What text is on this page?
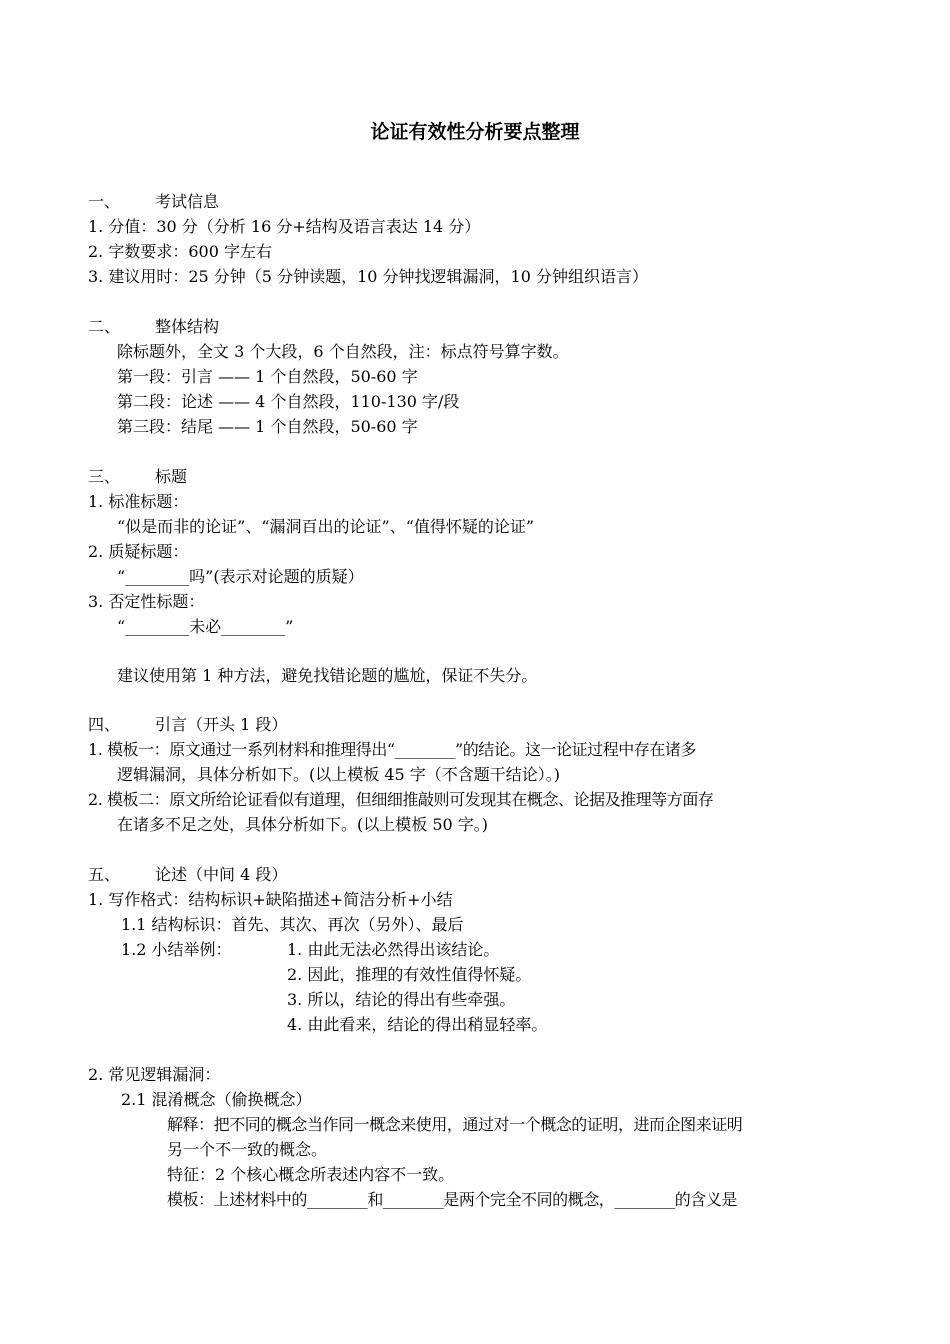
论证有效性分析要点整理
一、 考试信息
1. 分值：30 分（分析 16 分+结构及语言表达 14 分）
2. 字数要求：600 字左右
3. 建议用时：25 分钟（5 分钟读题，10 分钟找逻辑漏洞，10 分钟组织语言）
二、 整体结构
除标题外，全文 3 个大段，6 个自然段，注：标点符号算字数。
第一段：引言 —— 1 个自然段，50-60 字
第二段：论述 —— 4 个自然段，110-130 字/段
第三段：结尾 —— 1 个自然段，50-60 字
三、 标题
1. 标准标题：
“似是而非的论证”、“漏洞百出的论证”、“值得怀疑的论证”
2. 质疑标题：
“________吗”(表示对论题的质疑）
3. 否定性标题：
“________未必________”
建议使用第 1 种方法，避免找错论题的尴尬，保证不失分。
四、 引言（开头 1 段）
1. 模板一：原文通过一系列材料和推理得出“________”的结论。这一论证过程中存在诸多
逻辑漏洞，具体分析如下。(以上模板 45 字（不含题干结论）。)
2. 模板二：原文所给论证看似有道理，但细细推敲则可发现其在概念、论据及推理等方面存
在诸多不足之处，具体分析如下。(以上模板 50 字。)
五、 论述（中间 4 段）
1. 写作格式：结构标识+缺陷描述+简洁分析+小结
1.1 结构标识：首先、其次、再次（另外）、最后
1.2 小结举例：	1. 由此无法必然得出该结论。
2. 因此，推理的有效性值得怀疑。
3. 所以，结论的得出有些牵强。
4. 由此看来，结论的得出稍显轻率。
2. 常见逻辑漏洞：
2.1 混淆概念（偷换概念）
解释：把不同的概念当作同一概念来使用，通过对一个概念的证明，进而企图来证明
另一个不一致的概念。
特征：2 个核心概念所表述内容不一致。
模板：上述材料中的________和________是两个完全不同的概念，________的含义是
